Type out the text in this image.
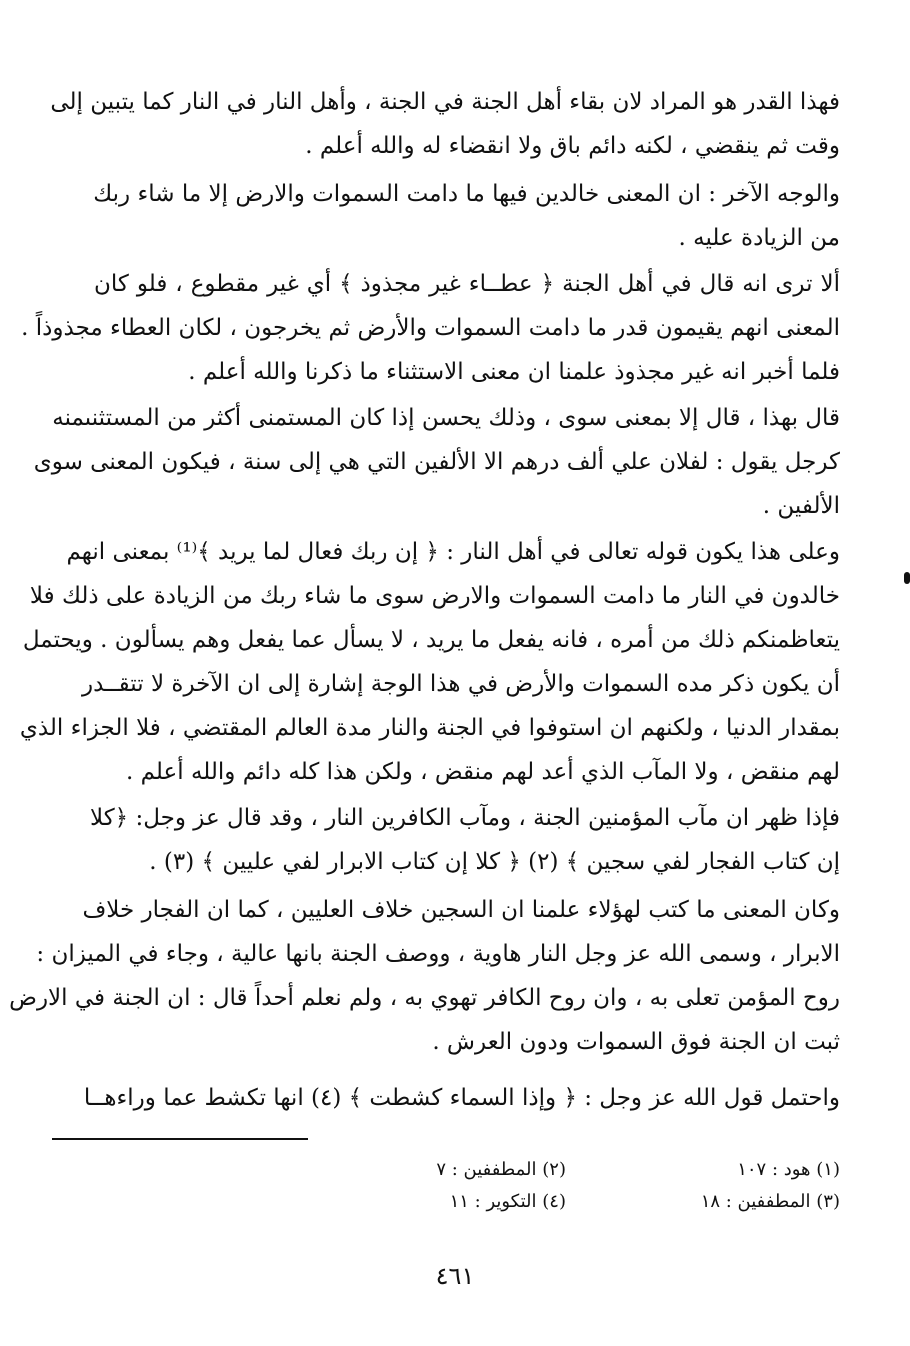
فهذا القدر هو المراد لان بقاء أهل الجنة في الجنة ، وأهل النار في النار كما يتبين إلى
وقت ثم ينقضي ، لكنه دائم باق ولا انقضاء له والله أعلم .
والوجه الآخر : ان المعنى خالدين فيها ما دامت السموات والارض إلا ما شاء ربك
من الزيادة عليه .
ألا ترى انه قال في أهل الجنة ﴿ عطــاء غير مجذوذ ﴾ أي غير مقطوع ، فلو كان
المعنى انهم يقيمون قدر ما دامت السموات والأرض ثم يخرجون ، لكان العطاء مجذوذاً .
فلما أخبر انه غير مجذوذ علمنا ان معنى الاستثناء ما ذكرنا والله أعلم .
قال بهذا ، قال إلا بمعنى سوى ، وذلك يحسن إذا كان المستمنى أكثر من المستثنىمنه
كرجل يقول : لفلان علي ألف درهم الا الألفين التي هي إلى سنة ، فيكون المعنى سوى
الألفين .
وعلى هذا يكون قوله تعالى في أهل النار : ﴿ إن ربك فعال لما يريد ﴾⁽¹⁾ بمعنى انهم
خالدون في النار ما دامت السموات والارض سوى ما شاء ربك من الزيادة على ذلك فلا
يتعاظمنكم ذلك من أمره ، فانه يفعل ما يريد ، لا يسأل عما يفعل وهم يسألون . ويحتمل
أن يكون ذكر مده السموات والأرض في هذا الوجة إشارة إلى ان الآخرة لا تتقــدر
بمقدار الدنيا ، ولكنهم ان استوفوا في الجنة والنار مدة العالم المقتضي ، فلا الجزاء الذي
لهم منقض ، ولا المآب الذي أعد لهم منقض ، ولكن هذا كله دائم والله أعلم .
فإذا ظهر ان مآب المؤمنين الجنة ، ومآب الكافرين النار ، وقد قال عز وجل: ﴿كلا
إن كتاب الفجار لفي سجين ﴾ (٢) ﴿ كلا إن كتاب الابرار لفي عليين ﴾ (٣) .
وكان المعنى ما كتب لهؤلاء علمنا ان السجين خلاف العليين ، كما ان الفجار خلاف
الابرار ، وسمى الله عز وجل النار هاوية ، ووصف الجنة بانها عالية ، وجاء في الميزان :
روح المؤمن تعلى به ، وان روح الكافر تهوي به ، ولم نعلم أحداً قال : ان الجنة في الارض
ثبت ان الجنة فوق السموات ودون العرش .
واحتمل قول الله عز وجل : ﴿ وإذا السماء كشطت ﴾ (٤) انها تكشط عما وراءهــا
(١) هود : ١٠٧
(٢) المطففين : ٧
(٣) المطففين : ١٨
(٤) التكوير : ١١
٤٦١
